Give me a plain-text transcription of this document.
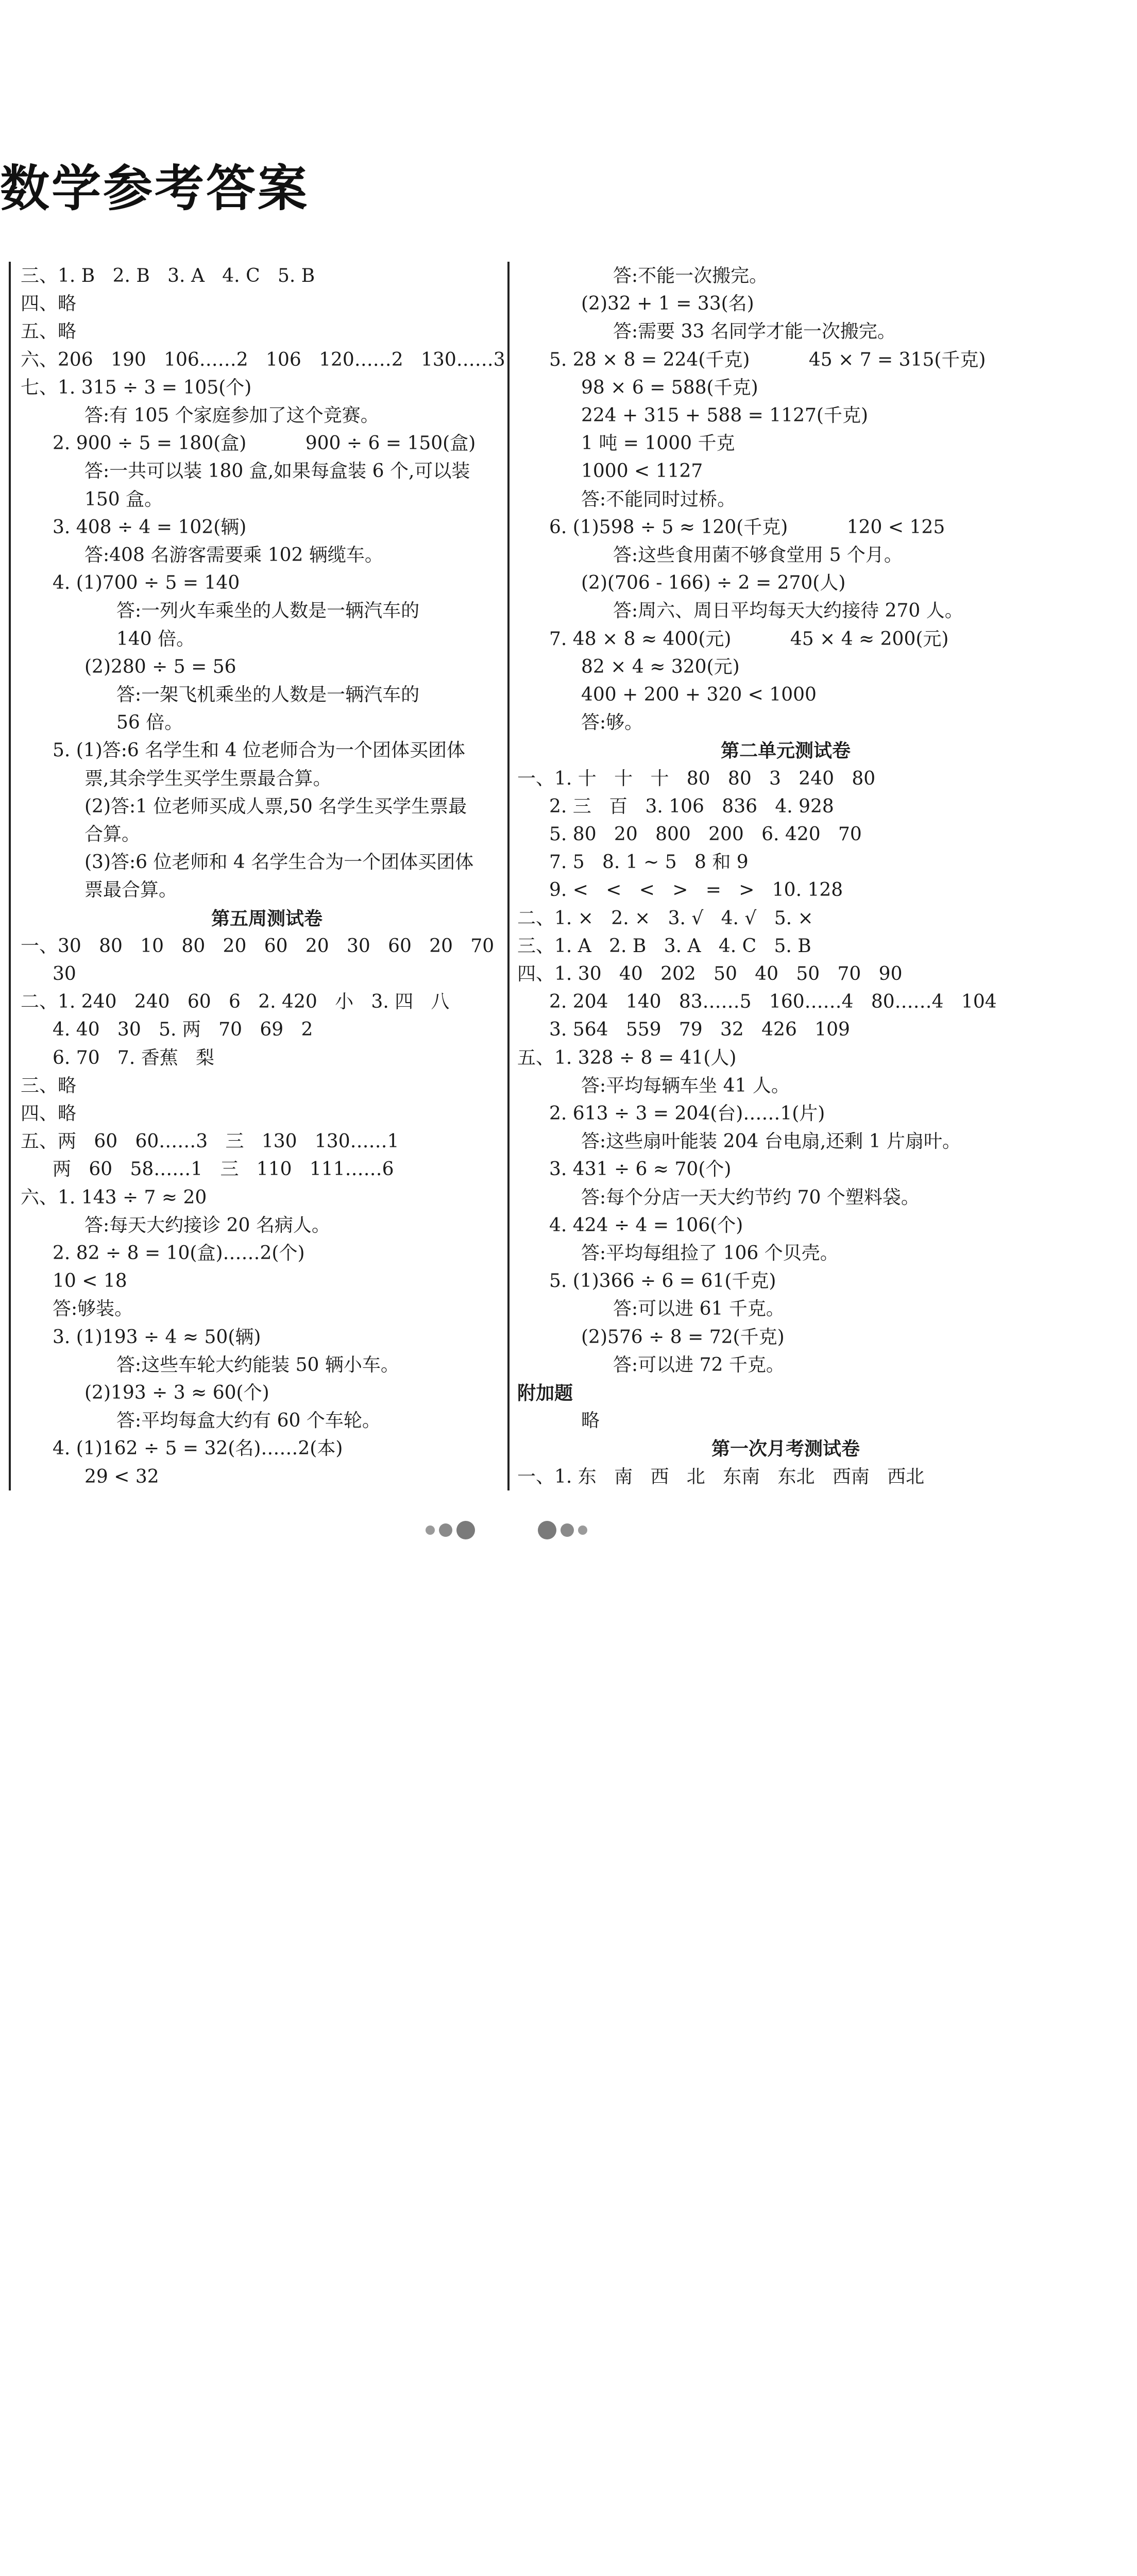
数学参考答案
三、1. B   2. B   3. A   4. C   5. B
四、略
五、略
六、206   190   106……2   106   120……2   130……3
七、1. 315 ÷ 3 = 105(个)
答:有 105 个家庭参加了这个竞赛。
2. 900 ÷ 5 = 180(盒)          900 ÷ 6 = 150(盒)
答:一共可以装 180 盒,如果每盒装 6 个,可以装
150 盒。
3. 408 ÷ 4 = 102(辆)
答:408 名游客需要乘 102 辆缆车。
4. (1)700 ÷ 5 = 140
答:一列火车乘坐的人数是一辆汽车的
140 倍。
(2)280 ÷ 5 = 56
答:一架飞机乘坐的人数是一辆汽车的
56 倍。
5. (1)答:6 名学生和 4 位老师合为一个团体买团体
票,其余学生买学生票最合算。
(2)答:1 位老师买成人票,50 名学生买学生票最
合算。
(3)答:6 位老师和 4 名学生合为一个团体买团体
票最合算。
第五周测试卷
一、30   80   10   80   20   60   20   30   60   20   70
30
二、1. 240   240   60   6   2. 420   小   3. 四   八
4. 40   30   5. 两   70   69   2
6. 70   7. 香蕉   梨
三、略
四、略
五、两   60   60……3   三   130   130……1
两   60   58……1   三   110   111……6
六、1. 143 ÷ 7 ≈ 20
答:每天大约接诊 20 名病人。
2. 82 ÷ 8 = 10(盒)……2(个)
10 < 18
答:够装。
3. (1)193 ÷ 4 ≈ 50(辆)
答:这些车轮大约能装 50 辆小车。
(2)193 ÷ 3 ≈ 60(个)
答:平均每盒大约有 60 个车轮。
4. (1)162 ÷ 5 = 32(名)……2(本)
29 < 32
答:不能一次搬完。
(2)32 + 1 = 33(名)
答:需要 33 名同学才能一次搬完。
5. 28 × 8 = 224(千克)          45 × 7 = 315(千克)
98 × 6 = 588(千克)
224 + 315 + 588 = 1127(千克)
1 吨 = 1000 千克
1000 < 1127
答:不能同时过桥。
6. (1)598 ÷ 5 ≈ 120(千克)          120 < 125
答:这些食用菌不够食堂用 5 个月。
(2)(706 - 166) ÷ 2 = 270(人)
答:周六、周日平均每天大约接待 270 人。
7. 48 × 8 ≈ 400(元)          45 × 4 ≈ 200(元)
82 × 4 ≈ 320(元)
400 + 200 + 320 < 1000
答:够。
第二单元测试卷
一、1. 十   十   十   80   80   3   240   80
2. 三   百   3. 106   836   4. 928
5. 80   20   800   200   6. 420   70
7. 5   8. 1 ~ 5   8 和 9
9. <   <   <   >   =   >   10. 128
二、1. ×   2. ×   3. √   4. √   5. ×
三、1. A   2. B   3. A   4. C   5. B
四、1. 30   40   202   50   40   50   70   90
2. 204   140   83……5   160……4   80……4   104
3. 564   559   79   32   426   109
五、1. 328 ÷ 8 = 41(人)
答:平均每辆车坐 41 人。
2. 613 ÷ 3 = 204(台)……1(片)
答:这些扇叶能装 204 台电扇,还剩 1 片扇叶。
3. 431 ÷ 6 ≈ 70(个)
答:每个分店一天大约节约 70 个塑料袋。
4. 424 ÷ 4 = 106(个)
答:平均每组捡了 106 个贝壳。
5. (1)366 ÷ 6 = 61(千克)
答:可以进 61 千克。
(2)576 ÷ 8 = 72(千克)
答:可以进 72 千克。
附加题
略
第一次月考测试卷
一、1. 东   南   西   北   东南   东北   西南   西北
